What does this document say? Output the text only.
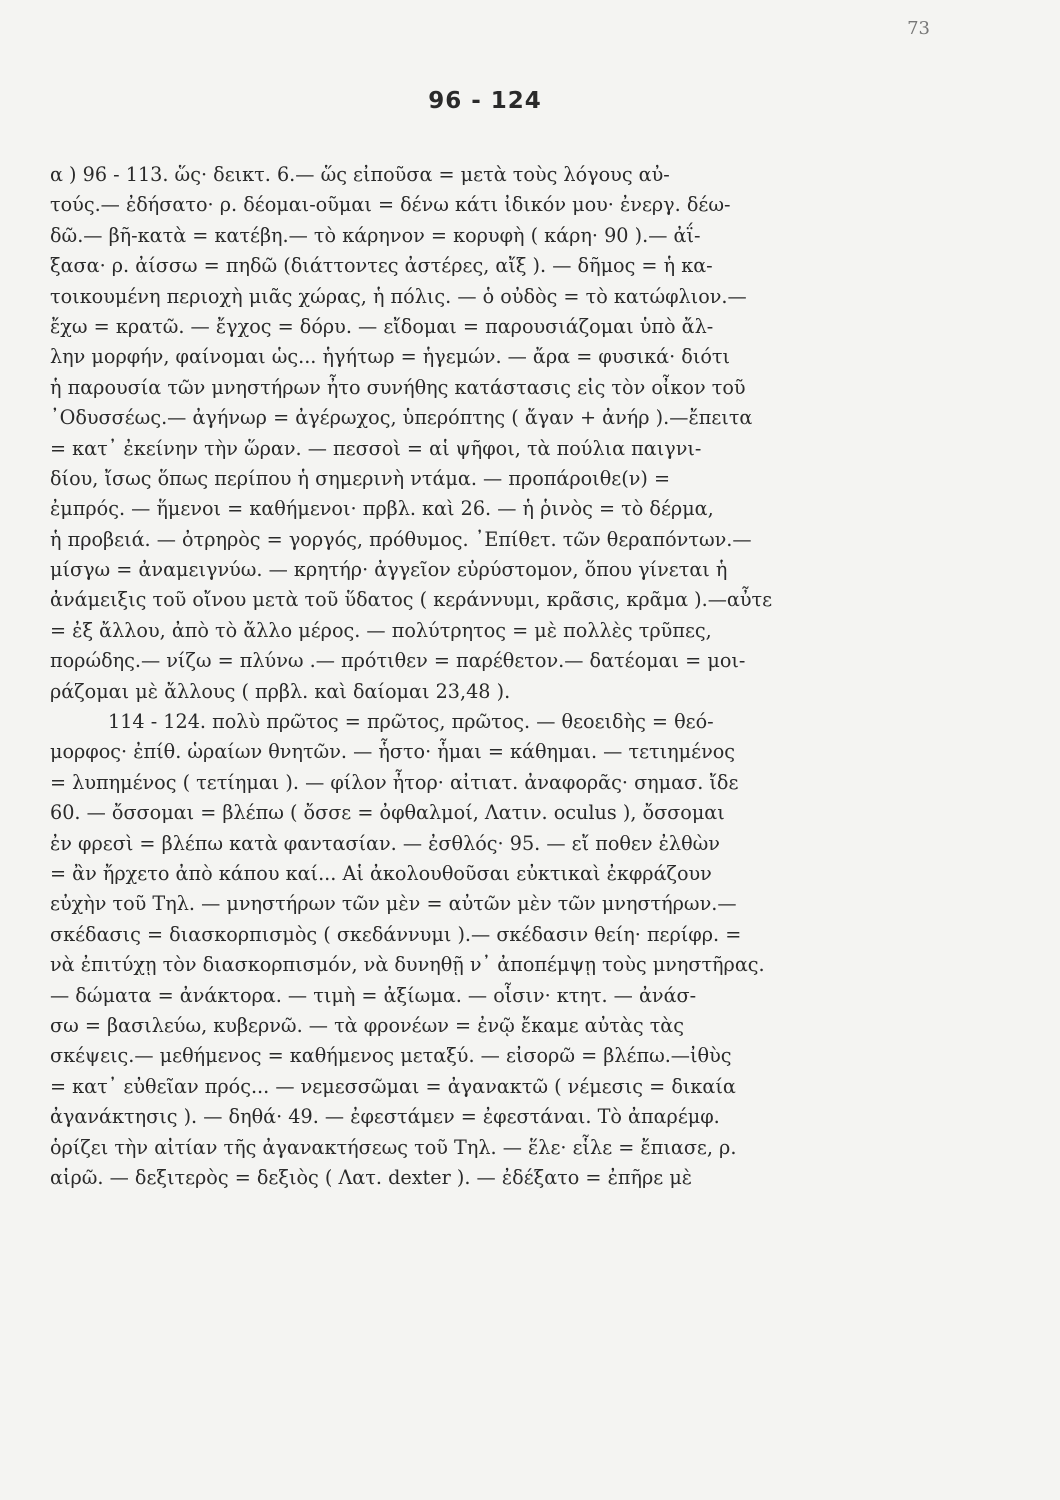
73
96 - 124
α ) 96 - 113. ὥς· δεικτ. 6.— ὥς εἰποῦσα = μετὰ τοὺς λόγους αὐ-
τούς.— ἐδήσατο· ρ. δέομαι-οῦμαι = δένω κάτι ἰδικόν μου· ἐνεργ. δέω-
δῶ.— βῆ-κατὰ = κατέβη.— τὸ κάρηνον = κορυφὴ ( κάρη· 90 ).— ἀΐ-
ξασα· ρ. ἀίσσω = πηδῶ (διάττοντες ἀστέρες, αἴξ ). — δῆμος = ἡ κα-
τοικουμένη περιοχὴ μιᾶς χώρας, ἡ πόλις. — ὁ οὐδὸς = τὸ κατώφλιον.—
ἔχω = κρατῶ. — ἔγχος = δόρυ. — εἴδομαι = παρουσιάζομαι ὑπὸ ἄλ-
λην μορφήν, φαίνομαι ὡς... ἡγήτωρ = ἡγεμών. — ἄρα = φυσικά· διότι
ἡ παρουσία τῶν μνηστήρων ἦτο συνήθης κατάστασις εἰς τὸν οἶκον τοῦ
᾿Οδυσσέως.— ἀγήνωρ = ἀγέρωχος, ὑπερόπτης ( ἄγαν + ἀνήρ ).—ἔπειτα
= κατ᾿ ἐκείνην τὴν ὥραν. — πεσσοὶ = αἱ ψῆφοι, τὰ πούλια παιγνι-
δίου, ἴσως ὅπως περίπου ἡ σημερινὴ ντάμα. — προπάροιθε(ν) =
ἐμπρός. — ἥμενοι = καθήμενοι· πρβλ. καὶ 26. — ἡ ῥινὸς = τὸ δέρμα,
ἡ προβειά. — ὀτρηρὸς = γοργός, πρόθυμος. ᾿Επίθετ. τῶν θεραπόντων.—
μίσγω = ἀναμειγνύω. — κρητήρ· ἀγγεῖον εὐρύστομον, ὅπου γίνεται ἡ
ἀνάμειξις τοῦ οἴνου μετὰ τοῦ ὕδατος ( κεράννυμι, κρᾶσις, κρᾶμα ).—αὖτε
= ἐξ ἄλλου, ἀπὸ τὸ ἄλλο μέρος. — πολύτρητος = μὲ πολλὲς τρῦπες,
πορώδης.— νίζω = πλύνω .— πρότιθεν = παρέθετον.— δατέομαι = μοι-
ράζομαι μὲ ἄλλους ( πρβλ. καὶ δαίομαι 23,48 ).
114 - 124. πολὺ πρῶτος = πρῶτος, πρῶτος. — θεοειδὴς = θεό-
μορφος· ἐπίθ. ὡραίων θνητῶν. — ἧστο· ἧμαι = κάθημαι. — τετιημένος
= λυπημένος ( τετίημαι ). — φίλον ἦτορ· αἰτιατ. ἀναφορᾶς· σημασ. ἴδε
60. — ὄσσομαι = βλέπω ( ὄσσε = ὀφθαλμοί, Λατιν. oculus ), ὄσσομαι
ἐν φρεσὶ = βλέπω κατὰ φαντασίαν. — ἐσθλός· 95. — εἴ ποθεν ἐλθὼν
= ἂν ἤρχετο ἀπὸ κάπου καί... Αἱ ἀκολουθοῦσαι εὐκτικαὶ ἐκφράζουν
εὐχὴν τοῦ Τηλ. — μνηστήρων τῶν μὲν = αὐτῶν μὲν τῶν μνηστήρων.—
σκέδασις = διασκορπισμὸς ( σκεδάννυμι ).— σκέδασιν θείη· περίφρ. =
νὰ ἐπιτύχῃ τὸν διασκορπισμόν, νὰ δυνηθῇ ν᾿ ἀποπέμψῃ τοὺς μνηστῆρας.
— δώματα = ἀνάκτορα. — τιμὴ = ἀξίωμα. — οἷσιν· κτητ. — ἀνάσ-
σω = βασιλεύω, κυβερνῶ. — τὰ φρονέων = ἐνῷ ἔκαμε αὐτὰς τὰς
σκέψεις.— μεθήμενος = καθήμενος μεταξύ. — εἰσορῶ = βλέπω.—ἰθὺς
= κατ᾿ εὐθεῖαν πρός... — νεμεσσῶμαι = ἀγανακτῶ ( νέμεσις = δικαία
ἀγανάκτησις ). — δηθά· 49. — ἐφεστάμεν = ἐφεστάναι. Τὸ ἀπαρέμφ.
ὁρίζει τὴν αἰτίαν τῆς ἀγανακτήσεως τοῦ Τηλ. — ἕλε· εἷλε = ἔπιασε, ρ.
αἱρῶ. — δεξιτερὸς = δεξιὸς ( Λατ. dexter ). — ἐδέξατο = ἐπῆρε μὲ
